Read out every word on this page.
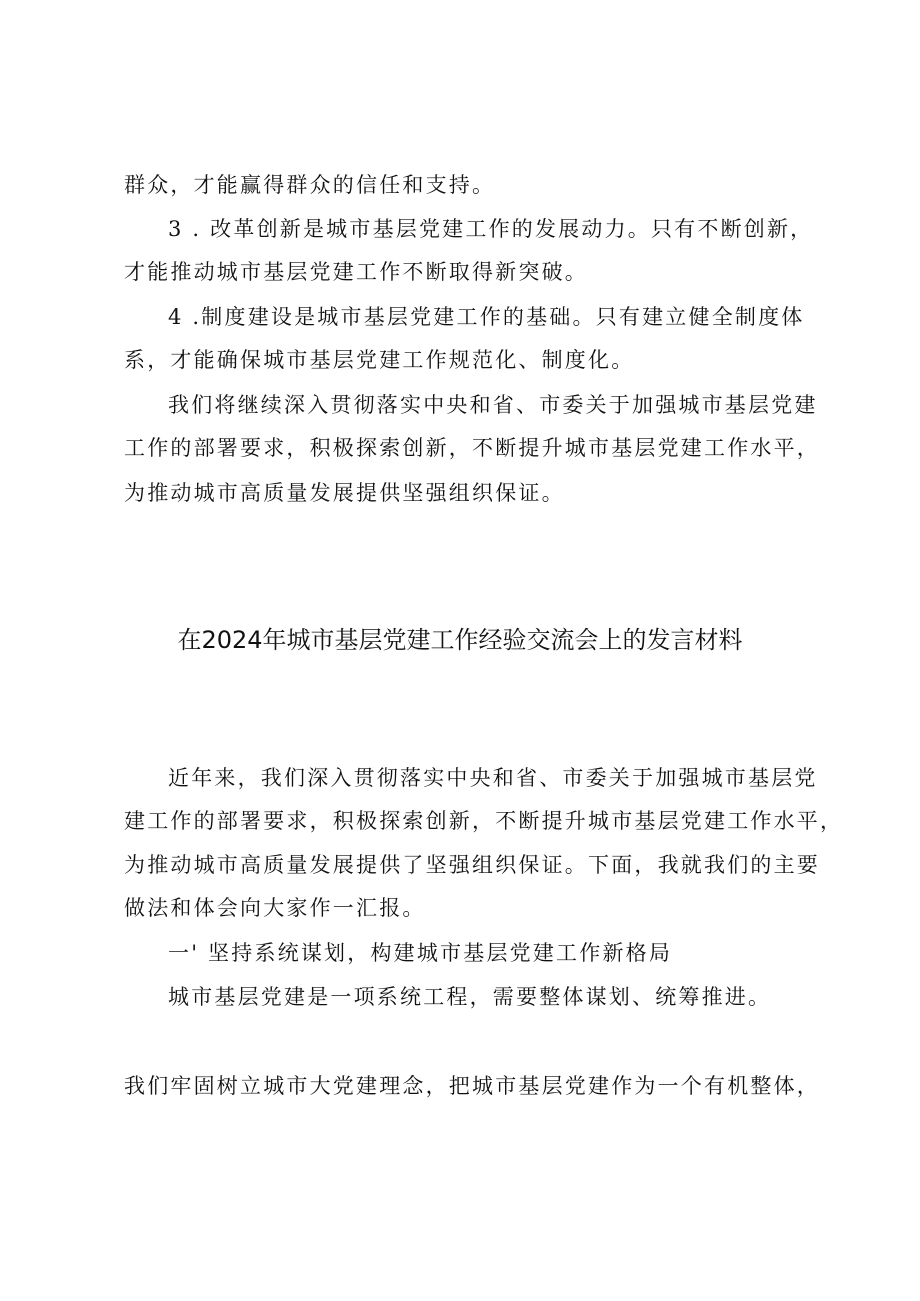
群众，才能赢得群众的信任和支持。
3 . 改革创新是城市基层党建工作的发展动力。只有不断创新，
才能推动城市基层党建工作不断取得新突破。
4 .制度建设是城市基层党建工作的基础。只有建立健全制度体
系，才能确保城市基层党建工作规范化、制度化。
我们将继续深入贯彻落实中央和省、市委关于加强城市基层党建
工作的部署要求，积极探索创新，不断提升城市基层党建工作水平，
为推动城市高质量发展提供坚强组织保证。
在2024年城市基层党建工作经验交流会上的发言材料
近年来，我们深入贯彻落实中央和省、市委关于加强城市基层党
建工作的部署要求，积极探索创新，不断提升城市基层党建工作水平，
为推动城市高质量发展提供了坚强组织保证。下面，我就我们的主要
做法和体会向大家作一汇报。
一' 坚持系统谋划，构建城市基层党建工作新格局
城市基层党建是一项系统工程，需要整体谋划、统筹推进。
我们牢固树立城市大党建理念，把城市基层党建作为一个有机整体，
